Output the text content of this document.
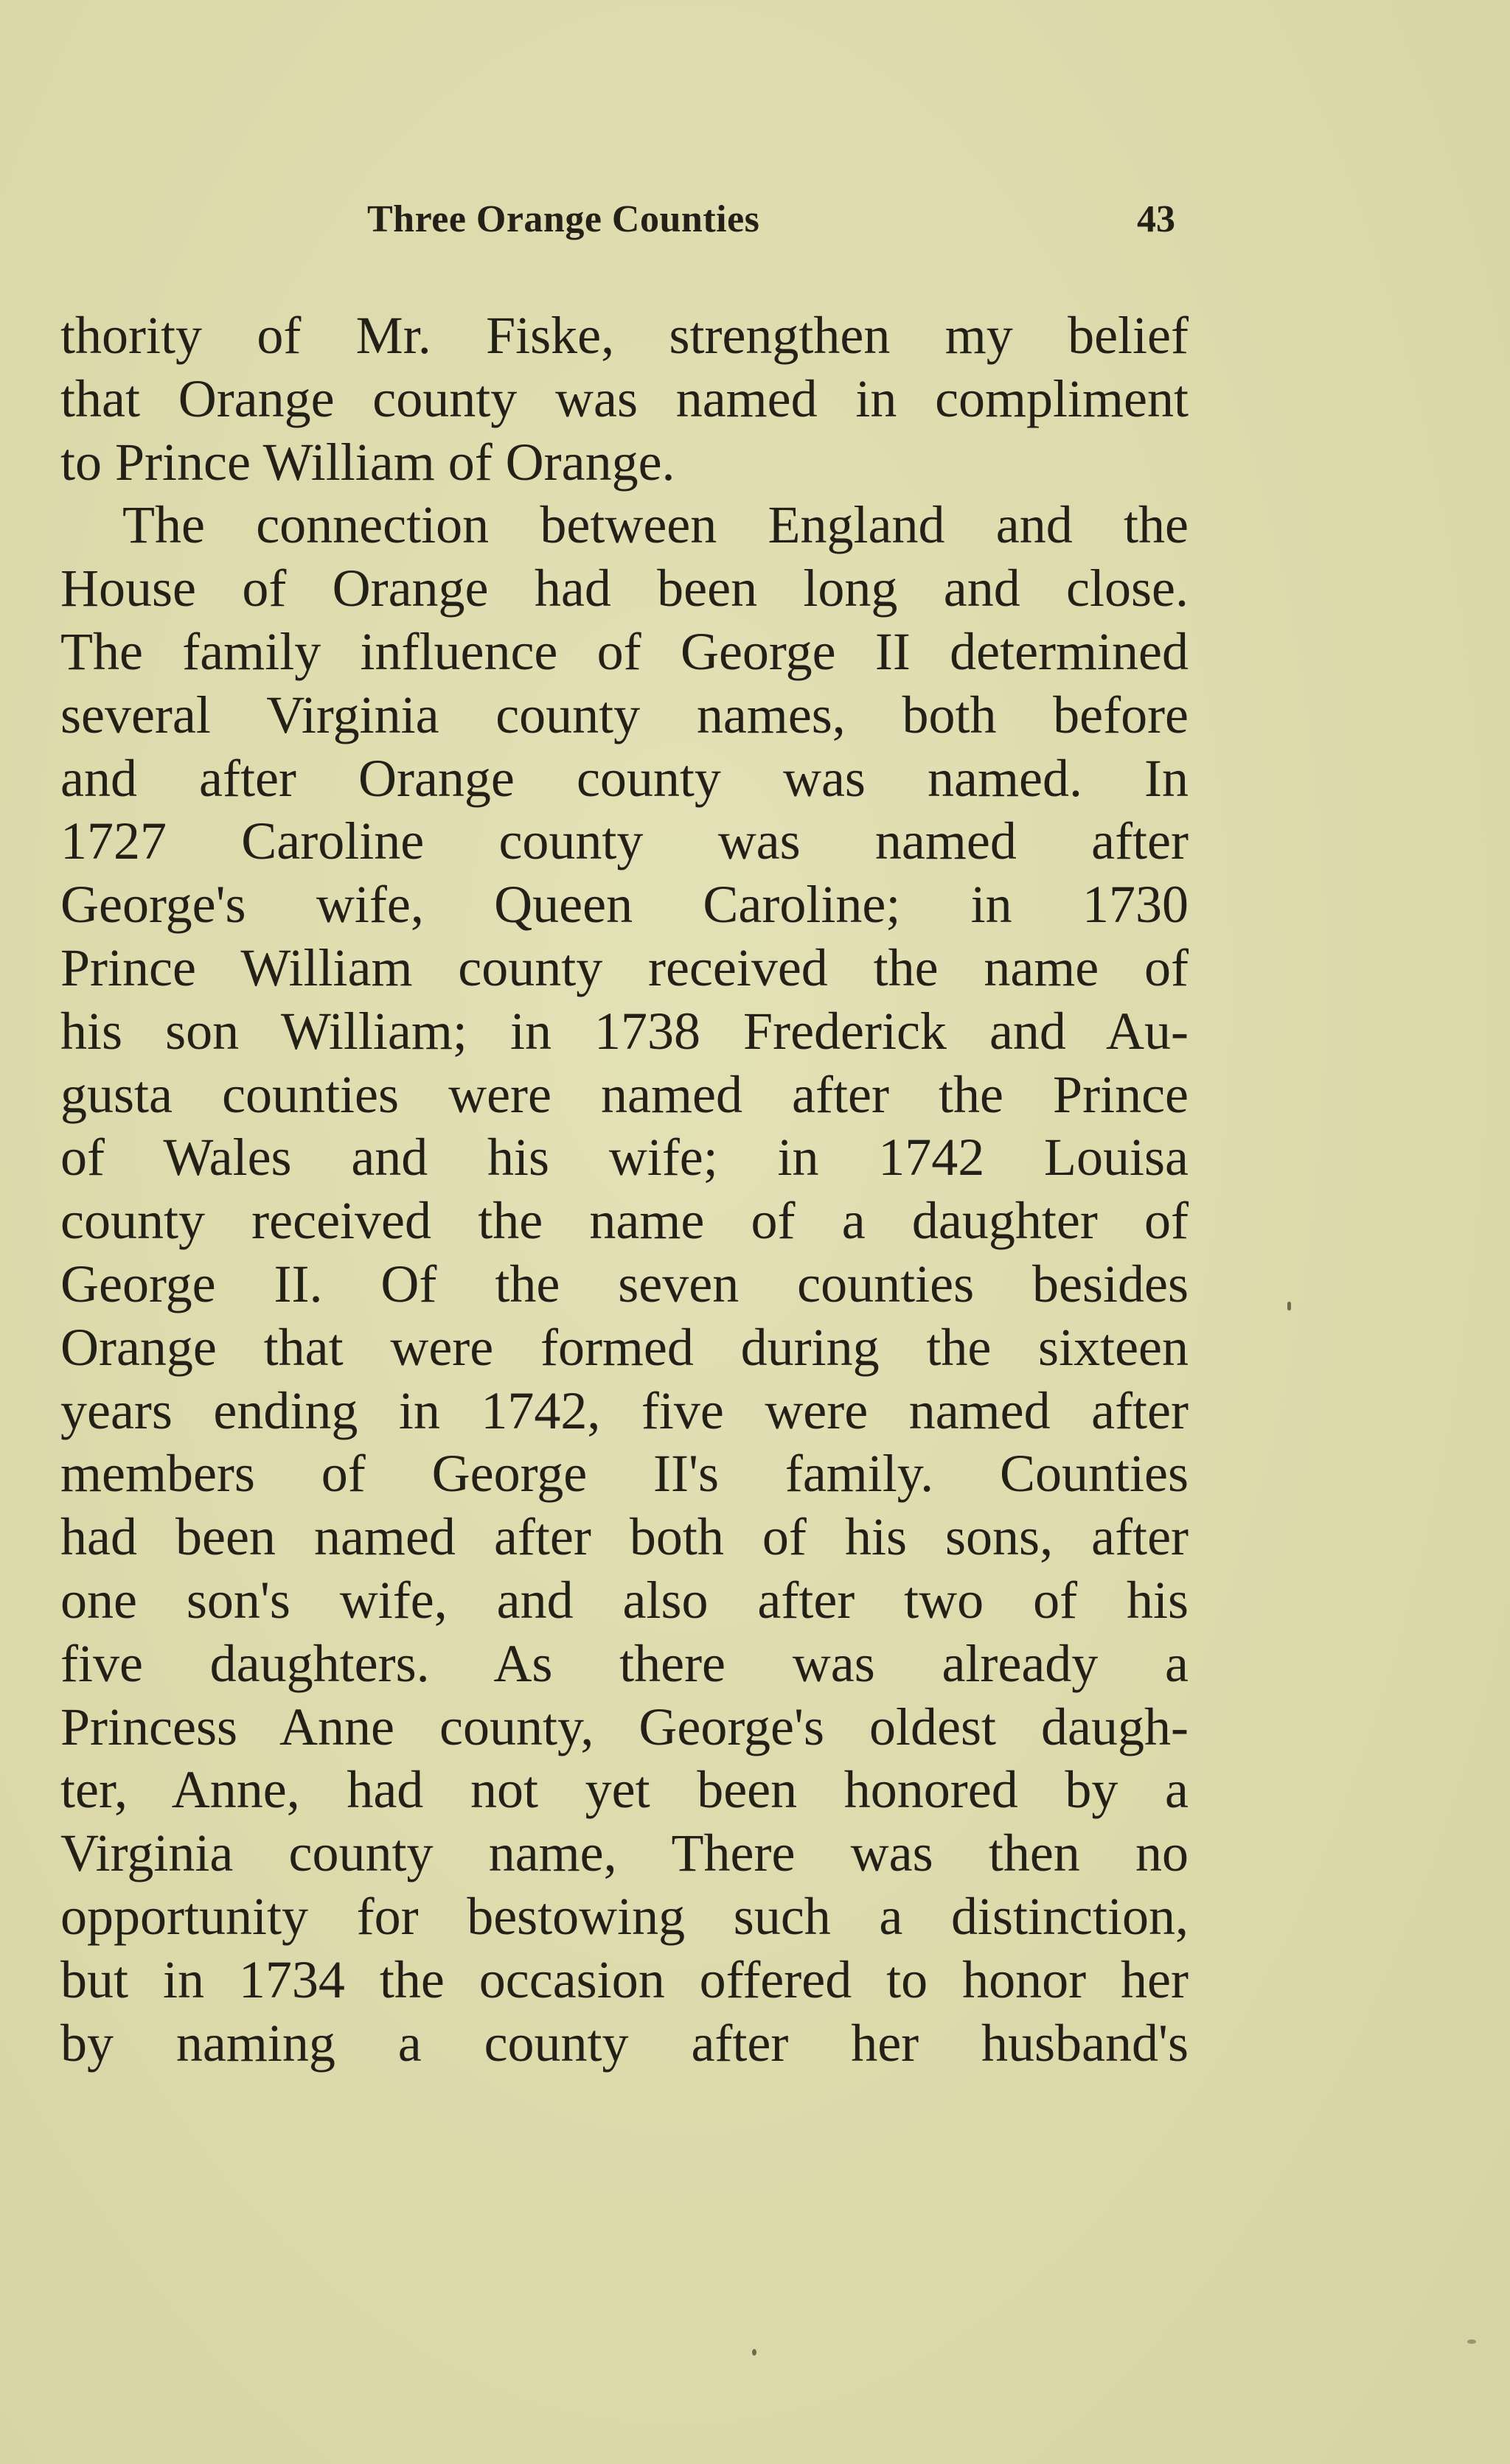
Three Orange Counties	43
thority of Mr. Fiske, strengthen my belief
that Orange county was named in compliment
to Prince William of Orange.
The connection between England and the
House of Orange had been long and close.
The family influence of George II determined
several Virginia county names, both before
and after Orange county was named. In
1727 Caroline county was named after
George's wife, Queen Caroline; in 1730
Prince William county received the name of
his son William; in 1738 Frederick and Au-
gusta counties were named after the Prince
of Wales and his wife; in 1742 Louisa
county received the name of a daughter of
George II. Of the seven counties besides
Orange that were formed during the sixteen
years ending in 1742, five were named after
members of George II's family. Counties
had been named after both of his sons, after
one son's wife, and also after two of his
five daughters. As there was already a
Princess Anne county, George's oldest daugh-
ter, Anne, had not yet been honored by a
Virginia county name, There was then no
opportunity for bestowing such a distinction,
but in 1734 the occasion offered to honor her
by naming a county after her husband's
